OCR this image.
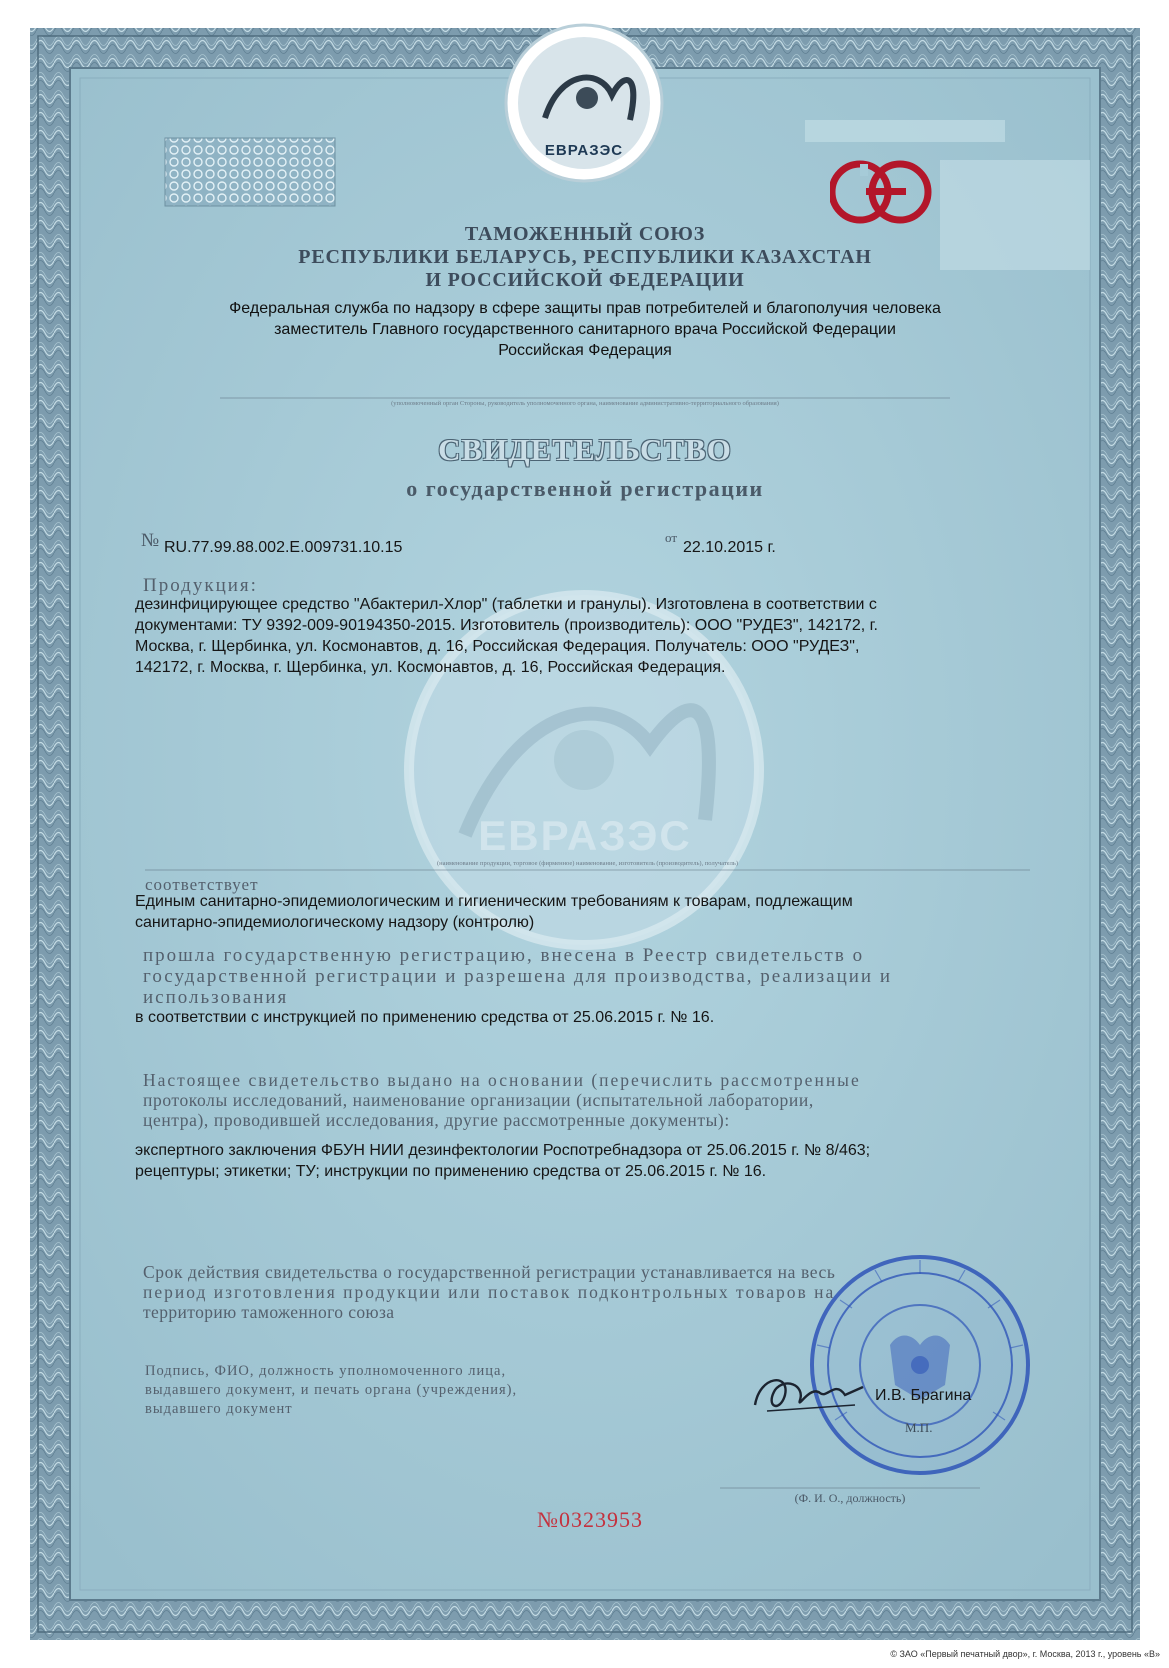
ЕВРАЗЭС
ТАМОЖЕННЫЙ СОЮЗ
РЕСПУБЛИКИ БЕЛАРУСЬ, РЕСПУБЛИКИ КАЗАХСТАН
И РОССИЙСКОЙ ФЕДЕРАЦИИ
Федеральная служба по надзору в сфере защиты прав потребителей и благополучия человека
заместитель Главного государственного санитарного врача Российской Федерации
Российская Федерация
(уполномоченный орган Стороны, руководитель уполномоченного органа, наименование административно-территориального образования)
СВИДЕТЕЛЬСТВО
о государственной регистрации
№ RU.77.99.88.002.Е.009731.10.15
от
22.10.2015 г.
Продукция:
дезинфицирующее средство "Абактерил-Хлор" (таблетки и гранулы). Изготовлена в соответствии с
документами: ТУ 9392-009-90194350-2015. Изготовитель (производитель): ООО "РУДЕЗ", 142172, г.
Москва, г. Щербинка, ул. Космонавтов, д. 16, Российская Федерация. Получатель: ООО "РУДЕЗ",
142172, г. Москва, г. Щербинка, ул. Космонавтов, д. 16, Российская Федерация.
ЕВРАЗЭС
(наименование продукции, торговое (фирменное) наименование, изготовитель (производитель), получатель)
соответствует
Единым санитарно-эпидемиологическим и гигиеническим требованиям к товарам, подлежащим
санитарно-эпидемиологическому надзору (контролю)
прошла государственную регистрацию, внесена в Реестр свидетельств о
государственной регистрации и разрешена для производства, реализации и
использования
в соответствии с инструкцией по применению средства от 25.06.2015 г. № 16.
Настоящее свидетельство выдано на основании (перечислить рассмотренные
протоколы исследований, наименование организации (испытательной лаборатории,
центра), проводившей исследования, другие рассмотренные документы):
экспертного заключения ФБУН НИИ дезинфектологии Роспотребнадзора от 25.06.2015 г. № 8/463;
рецептуры; этикетки; ТУ; инструкции по применению средства от 25.06.2015 г. № 16.
Срок действия свидетельства о государственной регистрации устанавливается на весь
период изготовления продукции или поставок подконтрольных товаров на
территорию таможенного союза
Подпись, ФИО, должность уполномоченного лица,
выдавшего документ, и печать органа (учреждения),
выдавшего документ
М.П.
И.В. Брагина
(Ф. И. О., должность)
№0323953
© ЗАО «Первый печатный двор», г. Москва, 2013 г., уровень «В»
